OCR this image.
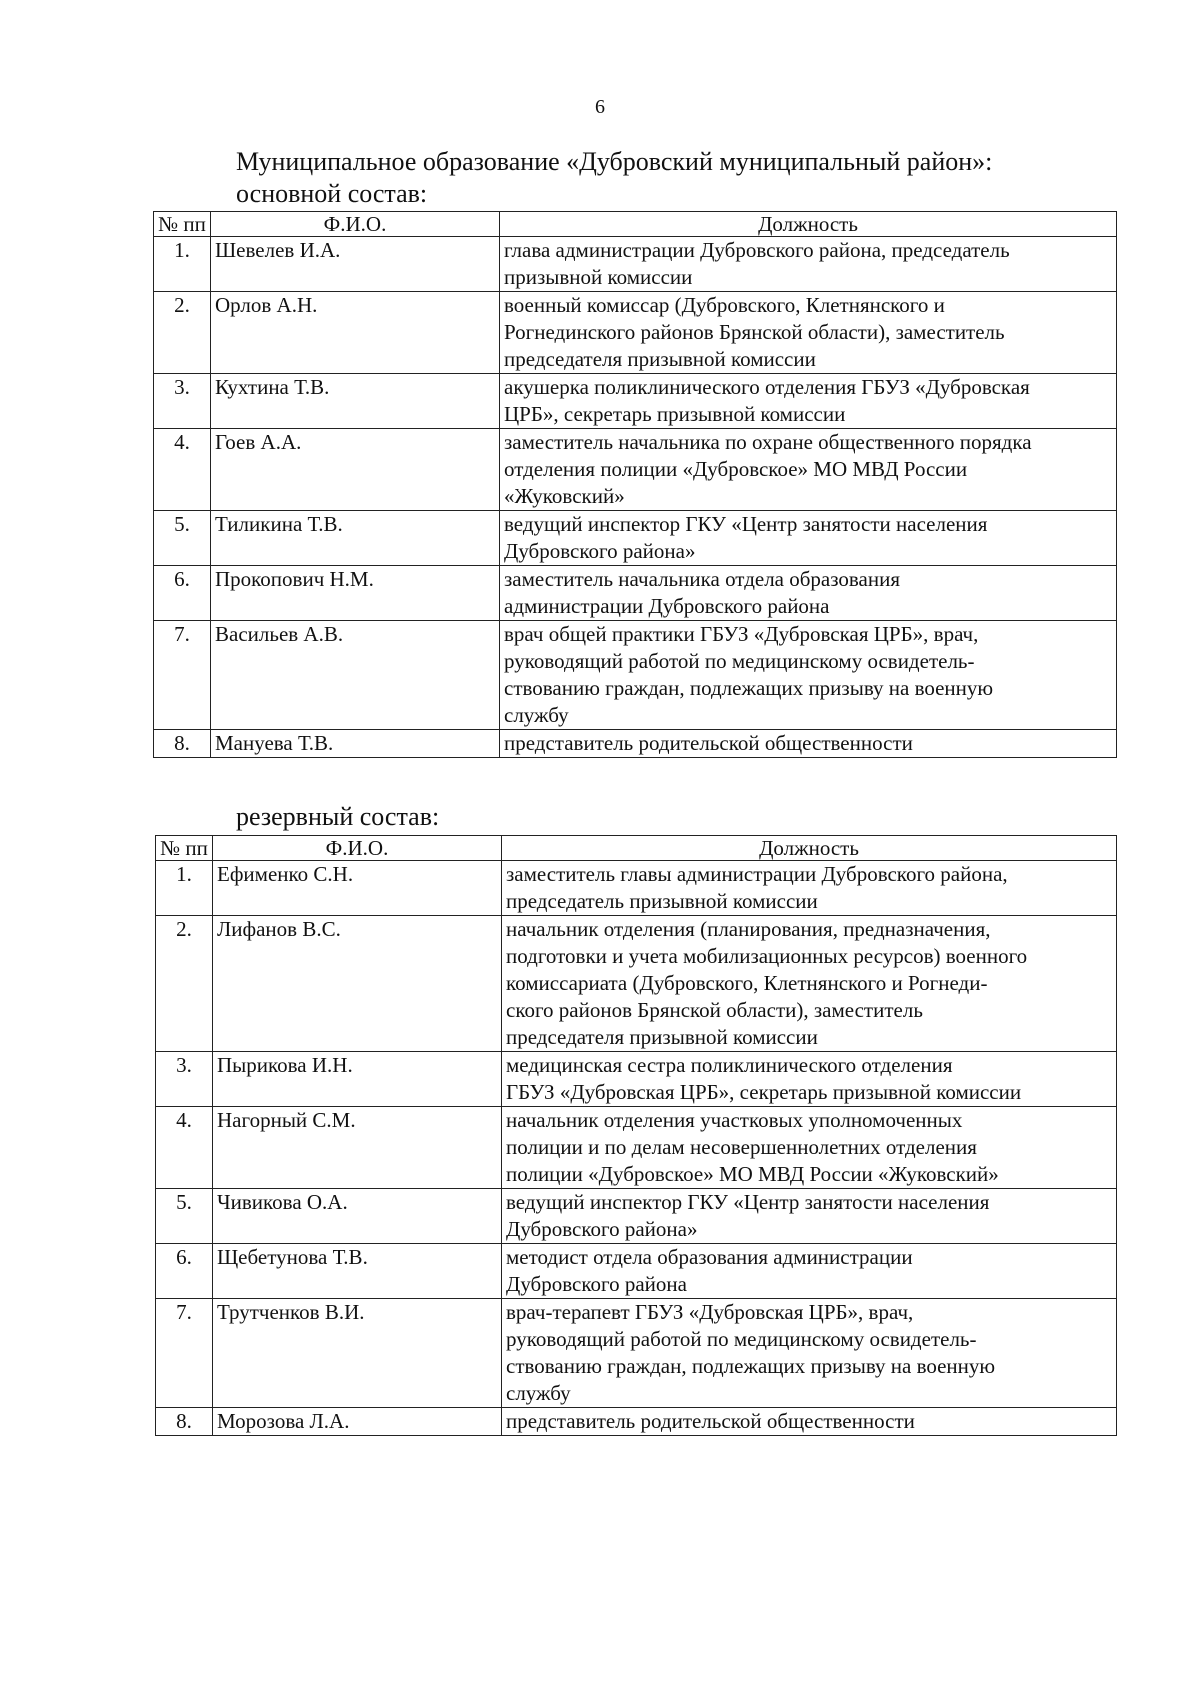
6
Муниципальное образование «Дубровский муниципальный район»:
основной состав:
№ пп	Ф.И.О.	Должность
1.	Шевелев И.А.	глава администрации Дубровского района, председатель
призывной комиссии

2.	Орлов А.Н.	военный комиссар (Дубровского, Клетнянского и
Рогнединского районов Брянской области), заместитель
председателя призывной комиссии

3.	Кухтина Т.В.	акушерка поликлинического отделения ГБУЗ «Дубровская
ЦРБ», секретарь призывной комиссии

4.	Гоев А.А.	заместитель начальника по охране общественного порядка
отделения полиции «Дубровское» МО МВД России
«Жуковский»

5.	Тиликина Т.В.	ведущий инспектор ГКУ «Центр занятости населения
Дубровского района»

6.	Прокопович Н.М.	заместитель начальника отдела образования
администрации Дубровского района

7.	Васильев А.В.	врач общей практики ГБУЗ «Дубровская ЦРБ», врач,
руководящий работой по медицинскому освидетель-
ствованию граждан, подлежащих призыву на военную
службу

8.	Мануева Т.В.	представитель родительской общественности
резервный состав:
№ пп	Ф.И.О.	Должность
1.	Ефименко С.Н.	заместитель главы администрации Дубровского района,
председатель призывной комиссии

2.	Лифанов В.С.	начальник отделения (планирования, предназначения,
подготовки и учета мобилизационных ресурсов) военного
комиссариата (Дубровского, Клетнянского и Рогнеди-
ского районов Брянской области), заместитель
председателя призывной комиссии

3.	Пырикова И.Н.	медицинская сестра поликлинического отделения
ГБУЗ «Дубровская ЦРБ», секретарь призывной комиссии

4.	Нагорный С.М.	начальник отделения участковых уполномоченных
полиции и по делам несовершеннолетних отделения
полиции «Дубровское» МО МВД России «Жуковский»

5.	Чивикова О.А.	ведущий инспектор ГКУ «Центр занятости населения
Дубровского района»

6.	Щебетунова Т.В.	методист отдела образования администрации
Дубровского района

7.	Трутченков В.И.	врач-терапевт ГБУЗ «Дубровская ЦРБ», врач,
руководящий работой по медицинскому освидетель-
ствованию граждан, подлежащих призыву на военную
службу

8.	Морозова Л.А.	представитель родительской общественности
